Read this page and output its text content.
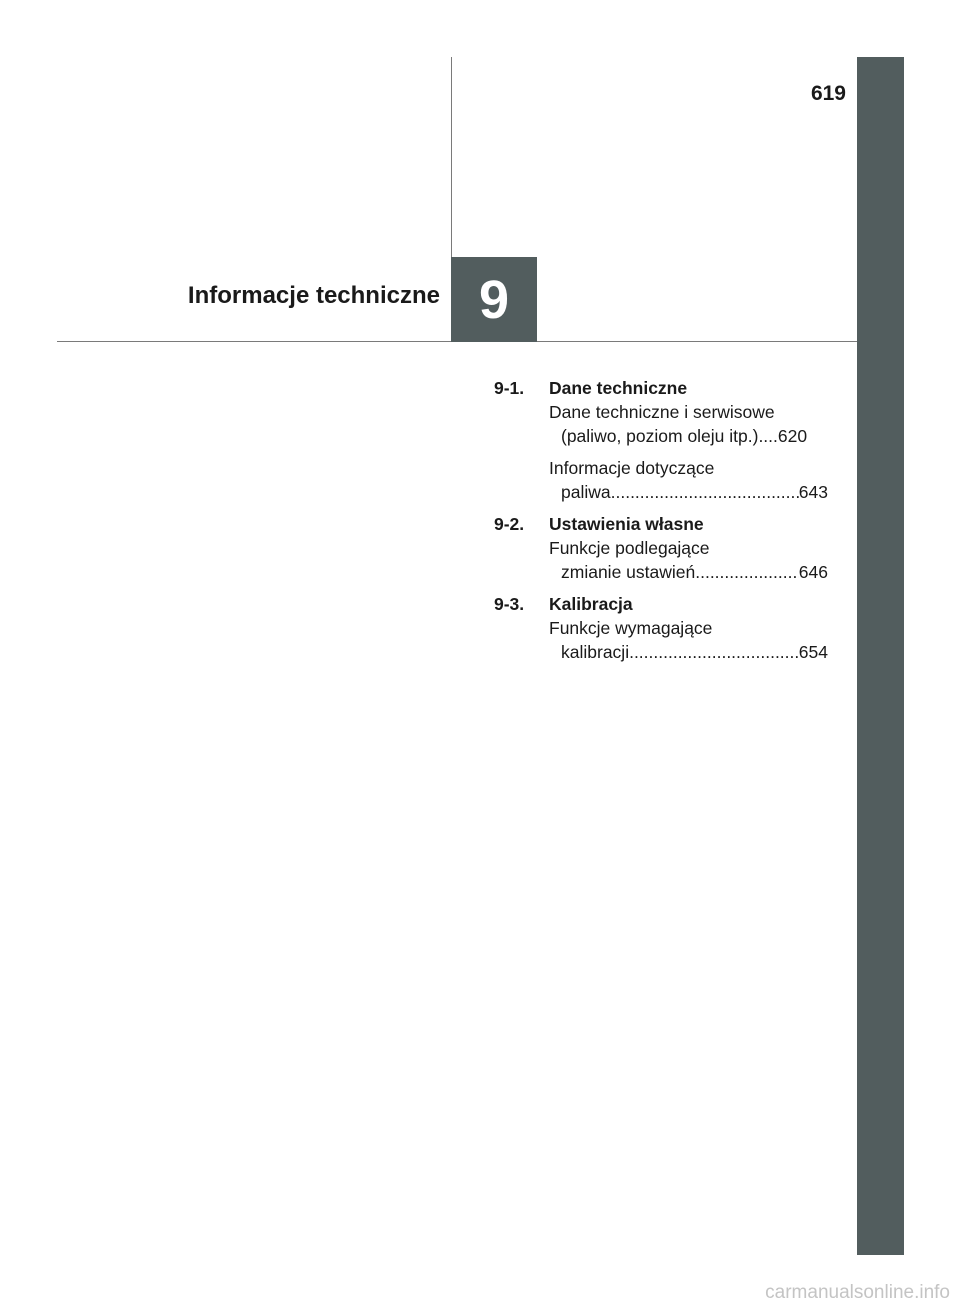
619
9
Informacje techniczne
9-1.	Dane techniczne
Dane techniczne i serwisowe
(paliwo, poziom oleju itp.).... 620
Informacje dotyczące
paliwa .....	643
9-2.	Ustawienia własne
Funkcje podlegające
zmianie ustawień .....	646
9-3.	Kalibracja
Funkcje wymagające
kalibracji .....	654
carmanualsonline.info
